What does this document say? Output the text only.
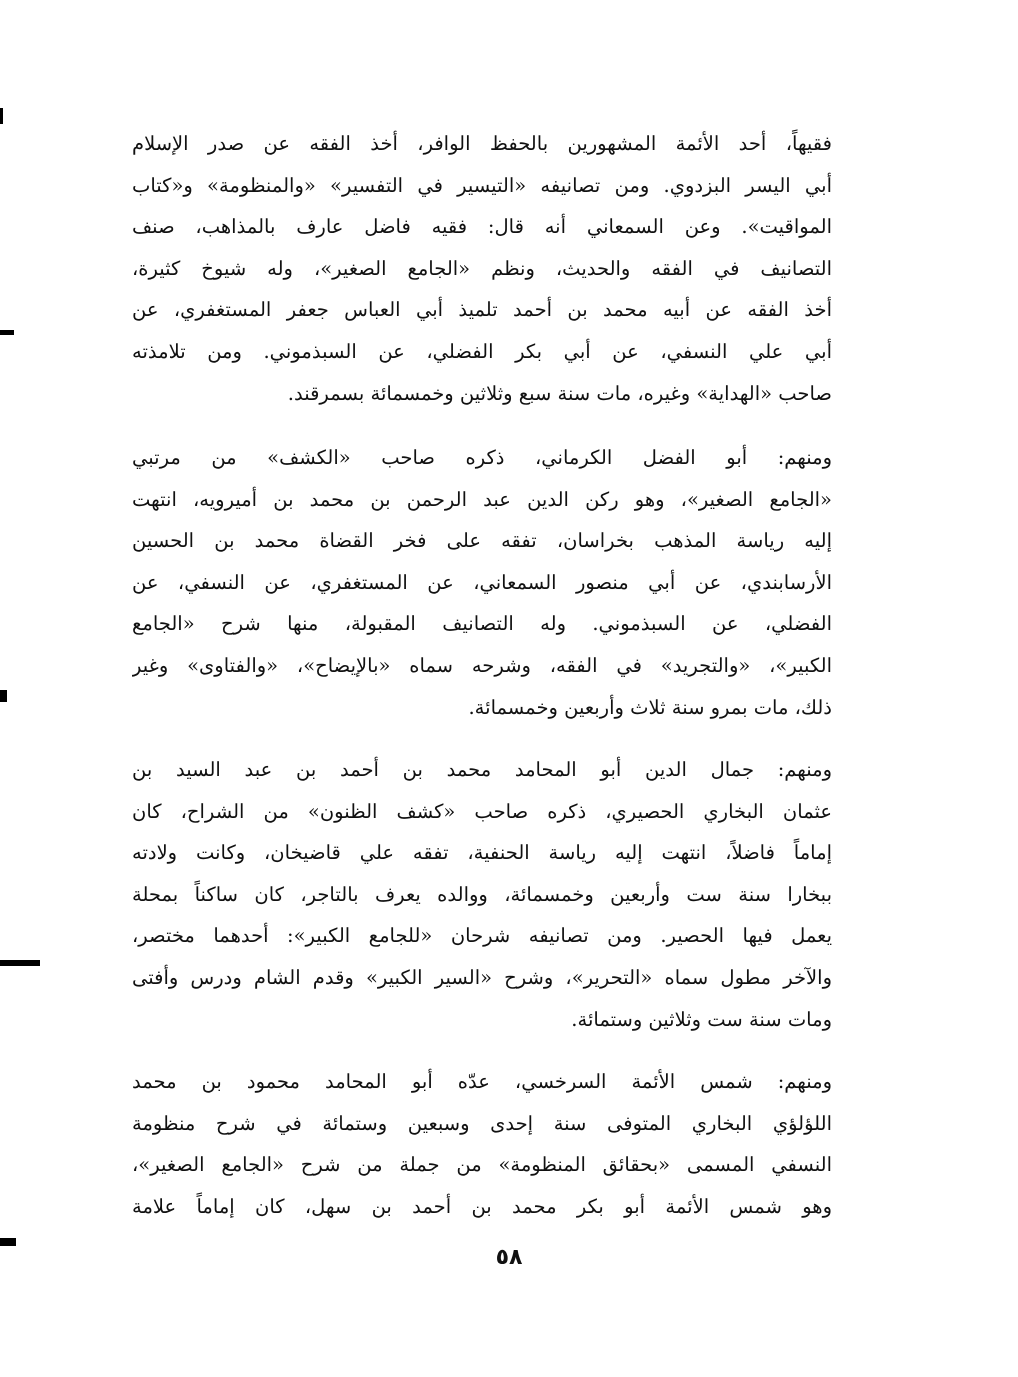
فقيهاً، أحد الأئمة المشهورين بالحفظ الوافر، أخذ الفقه عن صدر الإسلام
أبي اليسر البزدوي. ومن تصانيفه «التيسير في التفسير» «والمنظومة» و«كتاب
المواقيت». وعن السمعاني أنه قال: فقيه فاضل عارف بالمذاهب، صنف
التصانيف في الفقه والحديث، ونظم «الجامع الصغير»، وله شيوخ كثيرة،
أخذ الفقه عن أبيه محمد بن أحمد تلميذ أبي العباس جعفر المستغفري، عن
أبي علي النسفي، عن أبي بكر الفضلي، عن السبذموني. ومن تلامذته
صاحب «الهداية» وغيره، مات سنة سبع وثلاثين وخمسمائة بسمرقند.
ومنهم: أبو الفضل الكرماني، ذكره صاحب «الكشف» من مرتبي
«الجامع الصغير»، وهو ركن الدين عبد الرحمن بن محمد بن أميرويه، انتهت
إليه رياسة المذهب بخراسان، تفقه على فخر القضاة محمد بن الحسين
الأرسابندي، عن أبي منصور السمعاني، عن المستغفري، عن النسفي، عن
الفضلي، عن السبذموني. وله التصانيف المقبولة، منها شرح «الجامع
الكبير»، «والتجريد» في الفقه، وشرحه سماه «بالإيضاح»، «والفتاوى» وغير
ذلك، مات بمرو سنة ثلاث وأربعين وخمسمائة.
ومنهم: جمال الدين أبو المحامد محمد بن أحمد بن عبد السيد بن
عثمان البخاري الحصيري، ذكره صاحب «كشف الظنون» من الشراح، كان
إماماً فاضلاً، انتهت إليه رياسة الحنفية، تفقه علي قاضيخان، وكانت ولادته
ببخارا سنة ست وأربعين وخمسمائة، ووالده يعرف بالتاجر، كان ساكناً بمحلة
يعمل فيها الحصير. ومن تصانيفه شرحان «للجامع الكبير»: أحدهما مختصر،
والآخر مطول سماه «التحرير»، وشرح «السير الكبير» وقدم الشام ودرس وأفتى
ومات سنة ست وثلاثين وستمائة.
ومنهم: شمس الأئمة السرخسي، عدّه أبو المحامد محمود بن محمد
اللؤلؤي البخاري المتوفى سنة إحدى وسبعين وستمائة في شرح منظومة
النسفي المسمى «بحقائق المنظومة» من جملة من شرح «الجامع الصغير»،
وهو شمس الأئمة أبو بكر محمد بن أحمد بن سهل، كان إماماً علامة
٥٨
